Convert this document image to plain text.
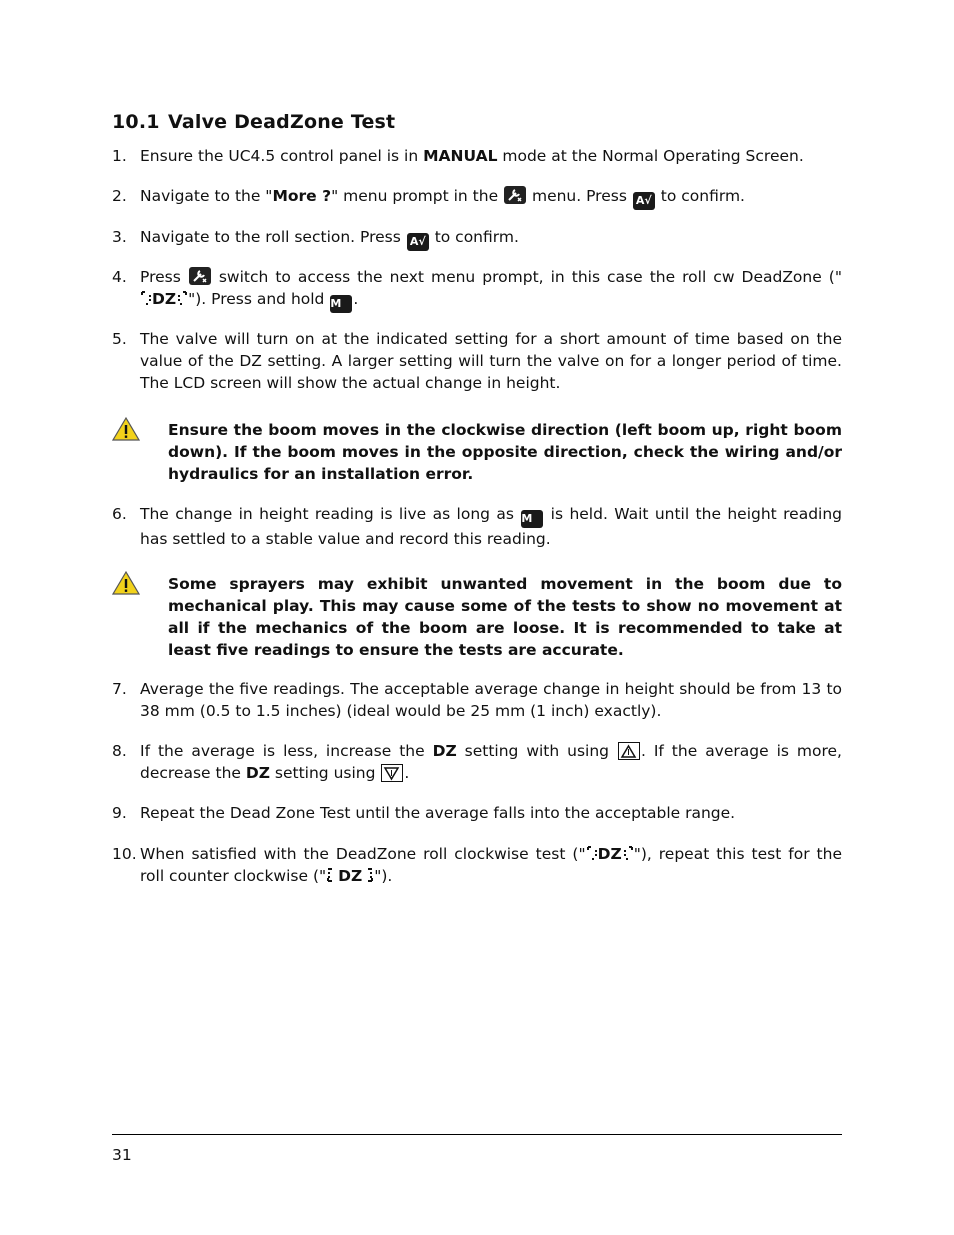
10.1 Valve DeadZone Test
1. Ensure the UC4.5 control panel is in MANUAL mode at the Normal Operating Screen.
2. Navigate to the "More ?" menu prompt in the
menu. Press A√ to confirm.
3. Navigate to the roll section. Press A√ to confirm.
4. Press
switch to access the next menu prompt, in this case the roll cw DeadZone ("DZ "). Press and hold M .
5. The valve will turn on at the indicated setting for a short amount of time based on the value of the DZ setting. A larger setting will turn the valve on for a longer period of time. The LCD screen will show the actual change in height.
Ensure the boom moves in the clockwise direction (left boom up, right boom down). If the boom moves in the opposite direction, check the wiring and/or hydraulics for an installation error.
6. The change in height reading is live as long as M is held. Wait until the height reading has settled to a stable value and record this reading.
Some sprayers may exhibit unwanted movement in the boom due to mechanical play. This may cause some of the tests to show no movement at all if the mechanics of the boom are loose. It is recommended to take at least five readings to ensure the tests are accurate.
7. Average the five readings. The acceptable average change in height should be from 13 to 38 mm (0.5 to 1.5 inches) (ideal would be 25 mm (1 inch) exactly).
8. If the average is less, increase the DZ setting with using . If the average is more, decrease the DZ setting using .
9. Repeat the Dead Zone Test until the average falls into the acceptable range.
10. When satisfied with the DeadZone roll clockwise test (" DZ "), repeat this test for the roll counter clockwise (" DZ ").
31
